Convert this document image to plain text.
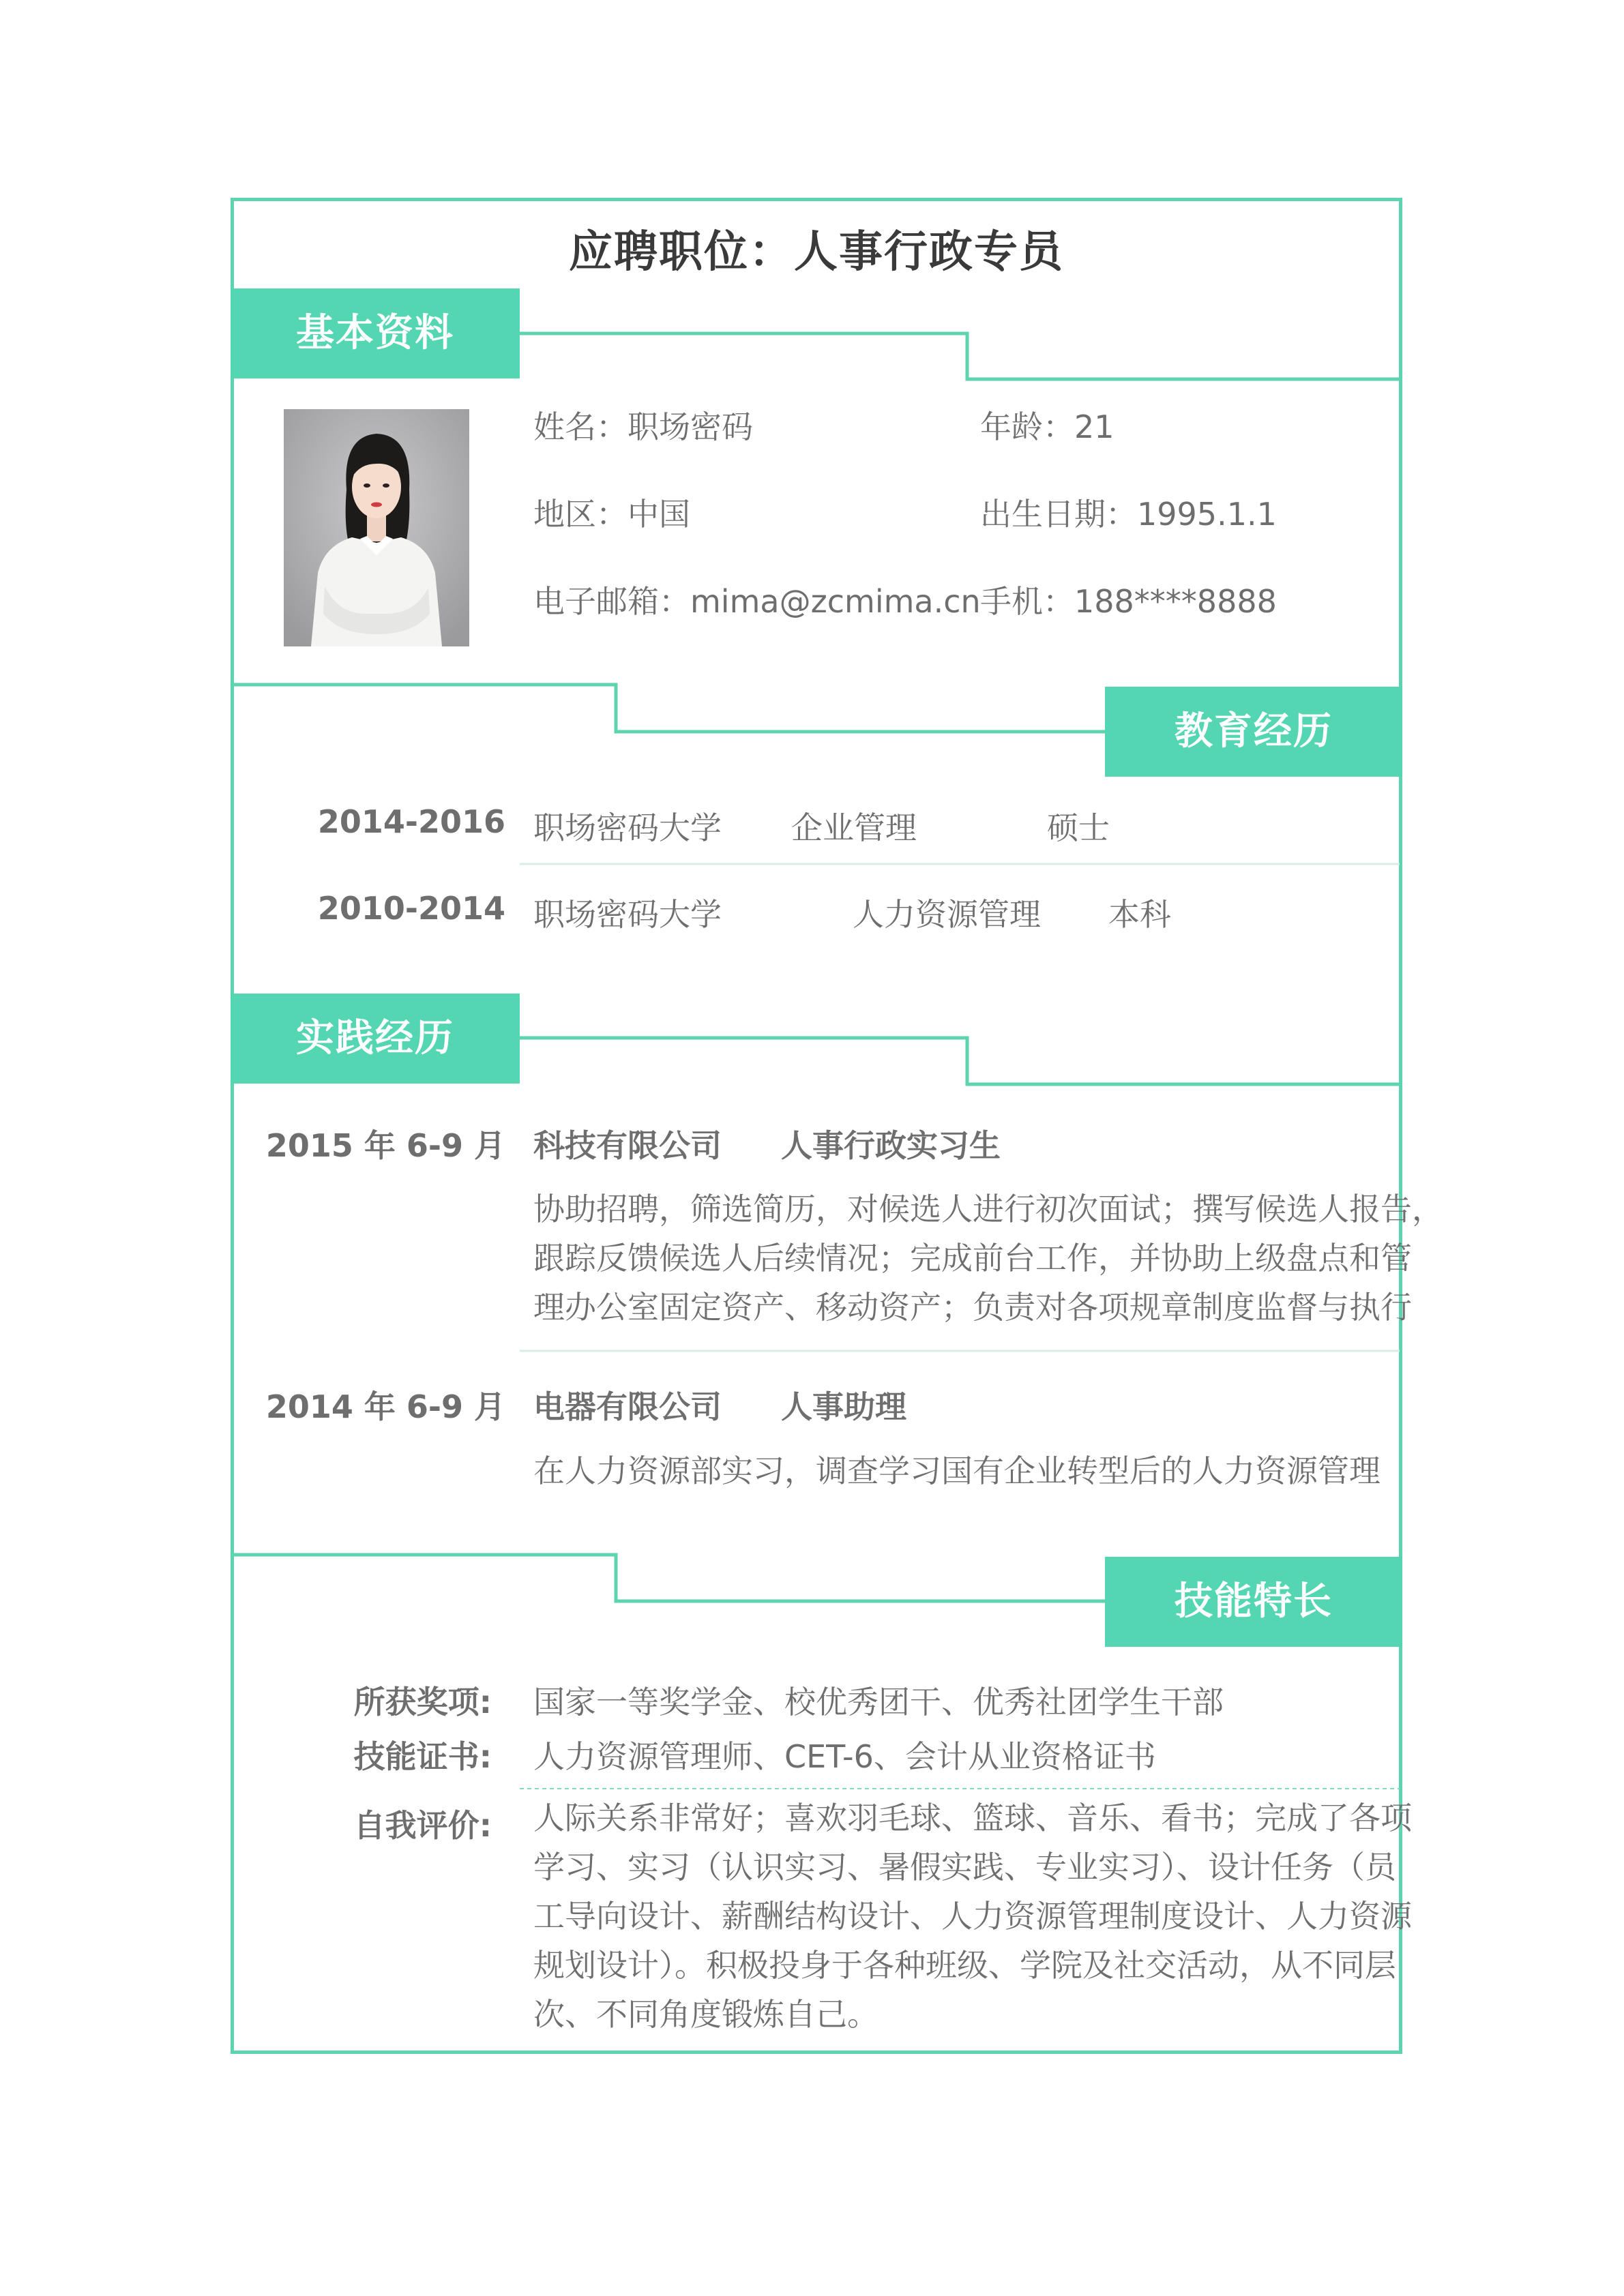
应聘职位：人事行政专员
基本资料
教育经历
实践经历
技能特长
姓名：职场密码	年龄：21
地区：中国	出生日期：1995.1.1
电子邮箱：mima@zcmima.cn 手机：188****8888
2014-2016 职场密码大学 企业管理	硕士
2010-2014 职场密码大学	人力资源管理 本科
2015 年 6-9 月 科技有限公司 人事行政实习生
协助招聘，筛选简历，对候选人进行初次面试；撰写候选人报告，
跟踪反馈候选人后续情况；完成前台工作，并协助上级盘点和管
理办公室固定资产、移动资产；负责对各项规章制度监督与执行
2014 年 6-9 月 电器有限公司 人事助理
在人力资源部实习，调查学习国有企业转型后的人力资源管理
所获奖项: 国家一等奖学金、校优秀团干、优秀社团学生干部
技能证书: 人力资源管理师、CET-6、会计从业资格证书
自我评价: 人际关系非常好；喜欢羽毛球、篮球、音乐、看书；完成了各项
学习、实习（认识实习、暑假实践、专业实习）、设计任务（员
工导向设计、薪酬结构设计、人力资源管理制度设计、人力资源
规划设计）。积极投身于各种班级、学院及社交活动，从不同层
次、不同角度锻炼自己。
